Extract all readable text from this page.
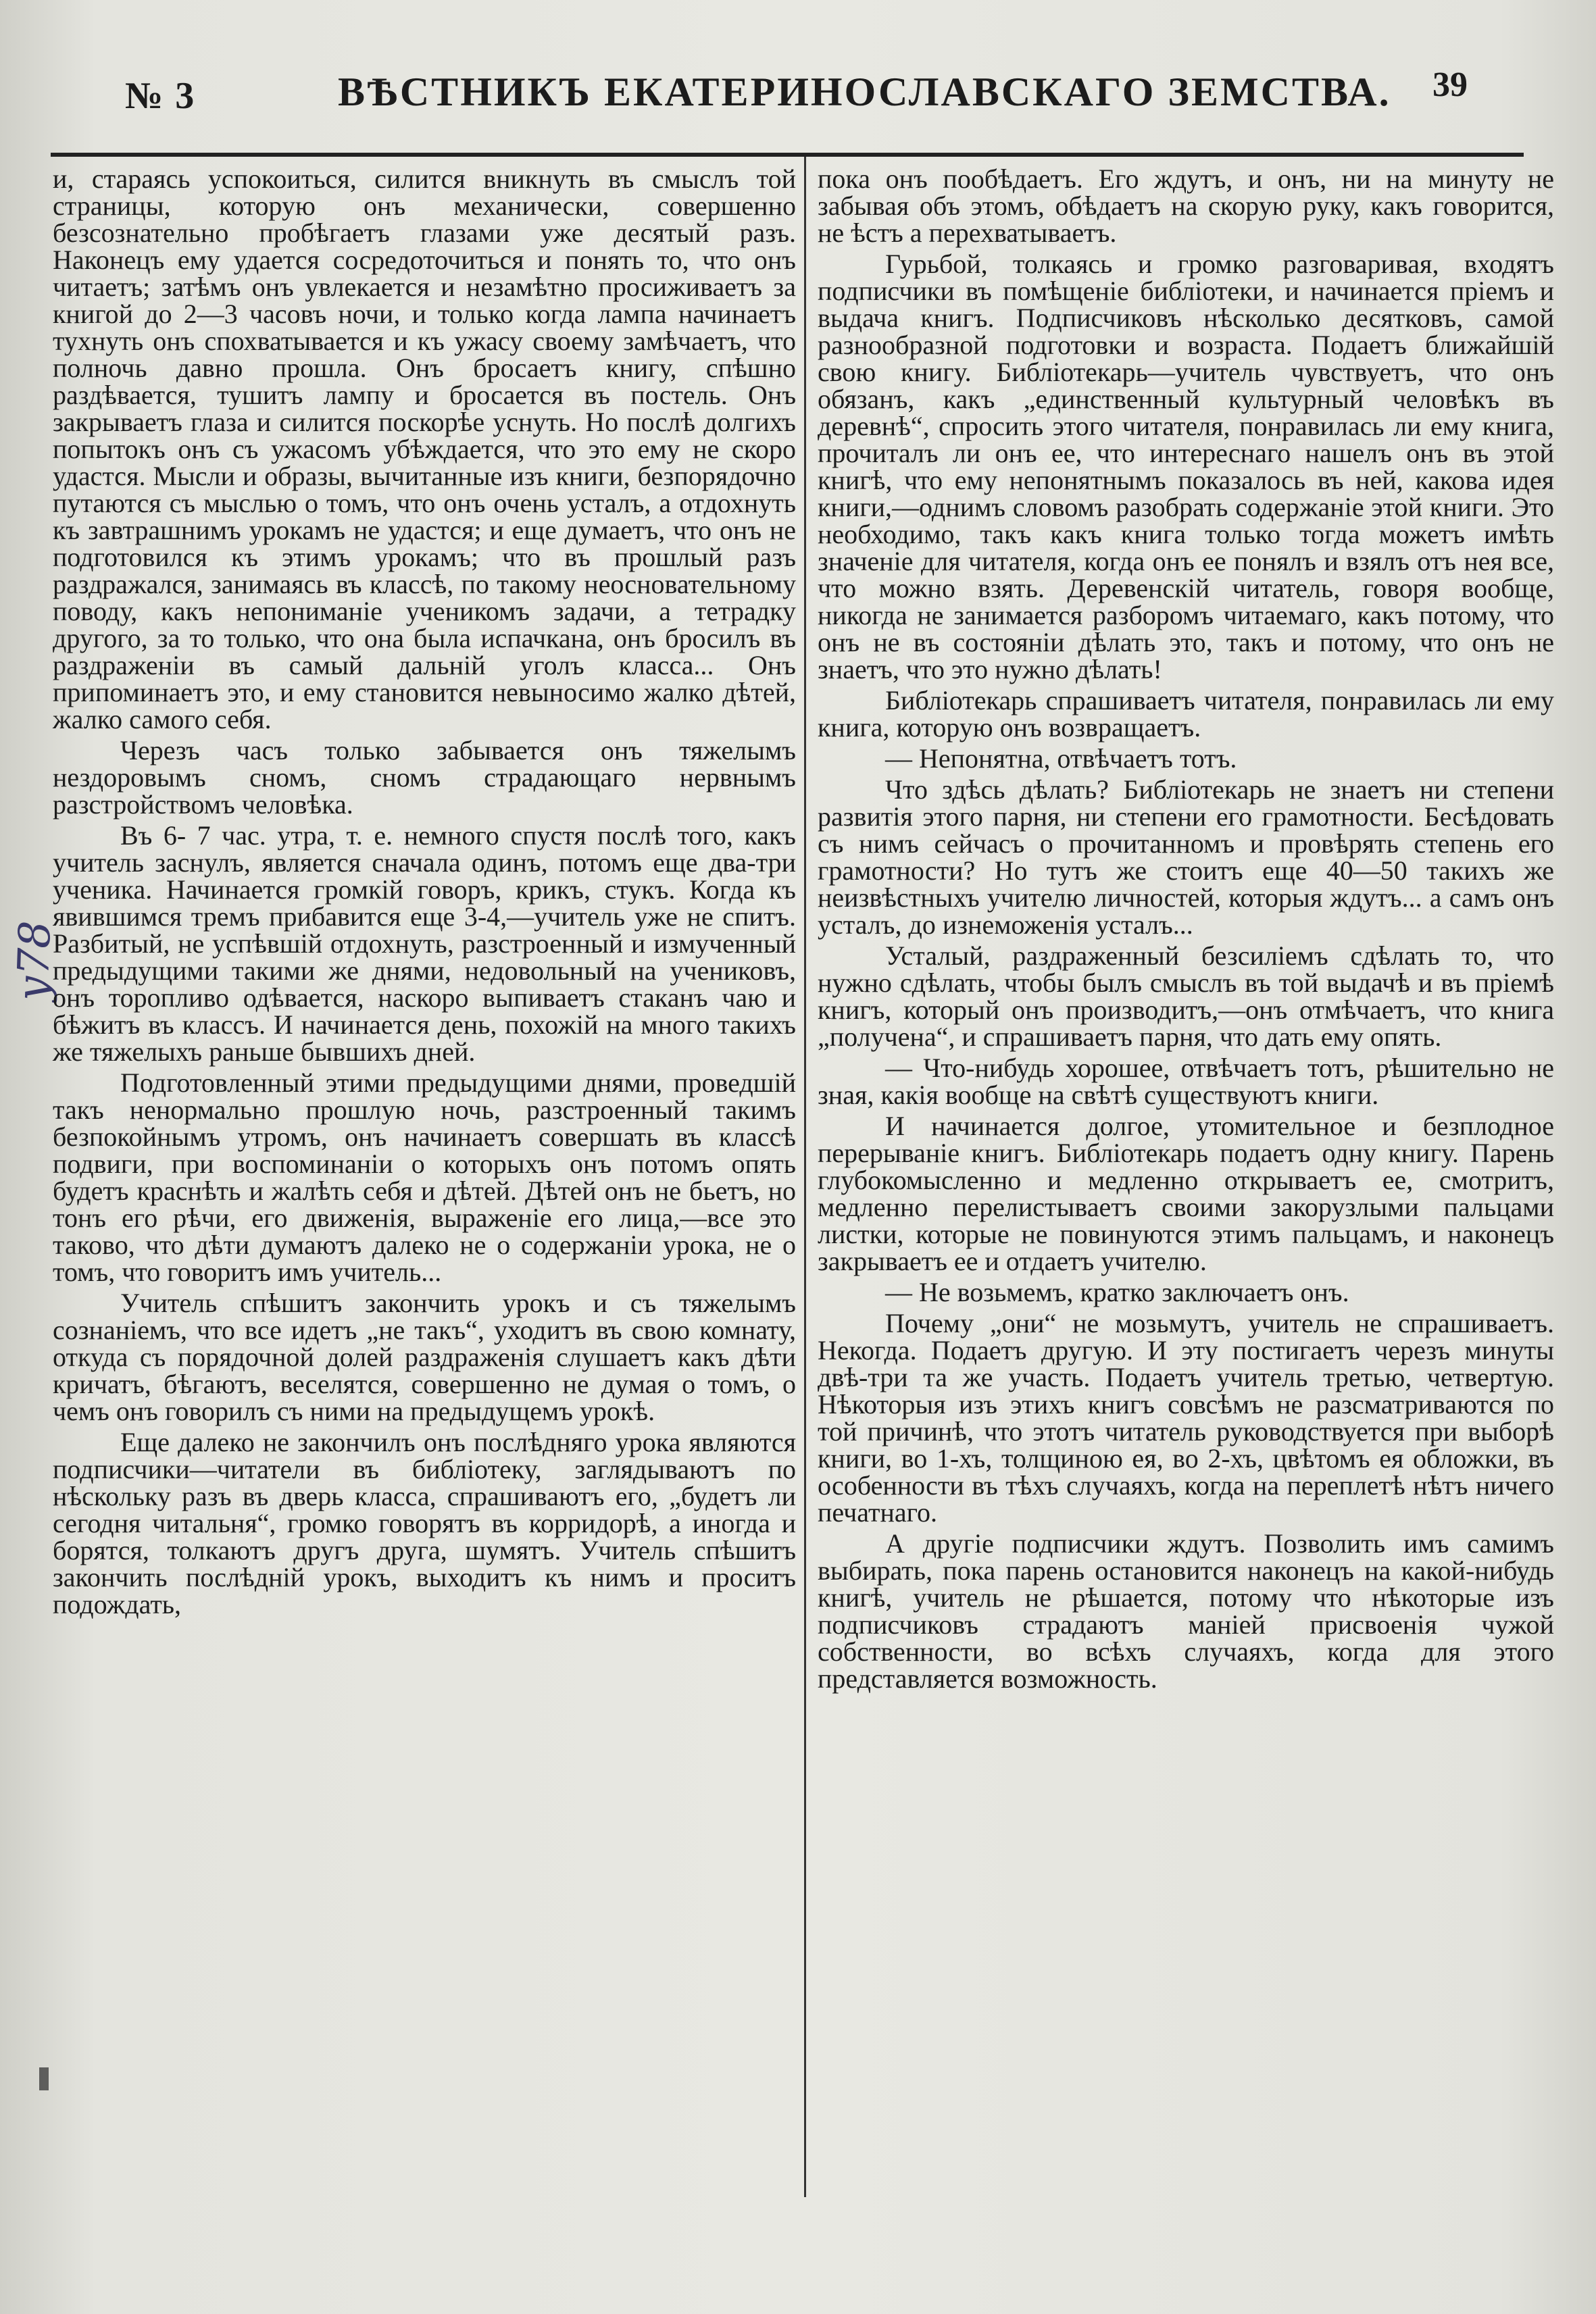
№ 3	ВѢСТНИКЪ ЕКАТЕРИНОСЛАВСКАГО ЗЕМСТВА. 39
у78

и, стараясь успокоиться, силится вникнуть въ смыслъ той страницы, которую онъ механически, совершенно безсознательно пробѣгаетъ глазами уже десятый разъ. Наконецъ ему удается сосредоточиться и понять то, что онъ читаетъ; затѣмъ онъ увлекается и незамѣтно просиживаетъ за книгой до 2—3 часовъ ночи, и только когда лампа начинаетъ тухнуть онъ спохватывается и къ ужасу своему замѣчаетъ, что полночь давно прошла. Онъ бросаетъ книгу, спѣшно раздѣвается, тушитъ лампу и бросается въ постель. Онъ закрываетъ глаза и силится поскорѣе уснуть. Но послѣ долгихъ попытокъ онъ съ ужасомъ убѣждается, что это ему не скоро удастся. Мысли и образы, вычитанные изъ книги, безпорядочно путаются съ мыслью о томъ, что онъ очень усталъ, а отдохнуть къ завтрашнимъ урокамъ не удастся; и еще думаетъ, что онъ не подготовился къ этимъ урокамъ; что въ прошлый разъ раздражался, занимаясь въ классѣ, по такому неосновательному поводу, какъ непониманіе ученикомъ задачи, а тетрадку другого, за то только, что она была испачкана, онъ бросилъ въ раздраженіи въ самый дальній уголъ класса... Онъ припоминаетъ это, и ему становится невыносимо жалко дѣтей, жалко самого себя.

Черезъ часъ только забывается онъ тяжелымъ нездоровымъ сномъ, сномъ страдающаго нервнымъ разстройствомъ человѣка.

Въ 6- 7 час. утра, т. е. немного спустя послѣ того, какъ учитель заснулъ, является сначала одинъ, потомъ еще два-три ученика. Начинается громкій говоръ, крикъ, стукъ. Когда къ явившимся тремъ прибавится еще 3-4,—учитель уже не спитъ. Разбитый, не успѣвшій отдохнуть, разстроенный и измученный предыдущими такими же днями, недовольный на учениковъ, онъ торопливо одѣвается, наскоро выпиваетъ стаканъ чаю и бѣжитъ въ классъ. И начинается день, похожій на много такихъ же тяжелыхъ раньше бывшихъ дней.

Подготовленный этими предыдущими днями, проведшій такъ ненормально прошлую ночь, разстроенный такимъ безпокойнымъ утромъ, онъ начинаетъ совершать въ классѣ подвиги, при воспоминаніи о которыхъ онъ потомъ опять будетъ краснѣть и жалѣть себя и дѣтей. Дѣтей онъ не бьетъ, но тонъ его рѣчи, его движенія, выраженіе его лица,—все это таково, что дѣти думаютъ далеко не о содержаніи урока, не о томъ, что говоритъ имъ учитель...

Учитель спѣшитъ закончить урокъ и съ тяжелымъ сознаніемъ, что все идетъ „не такъ“, уходитъ въ свою комнату, откуда съ порядочной долей раздраженія слушаетъ какъ дѣти кричатъ, бѣгаютъ, веселятся, совершенно не думая о томъ, о чемъ онъ говорилъ съ ними на предыдущемъ урокѣ.

Еще далеко не закончилъ онъ послѣдняго урока являются подписчики—читатели въ библіотеку, заглядываютъ по нѣскольку разъ въ дверь класса, спрашиваютъ его, „будетъ ли сегодня читальня“, громко говорятъ въ корридорѣ, а иногда и борятся, толкаютъ другъ друга, шумятъ. Учитель спѣшитъ закончить послѣдній урокъ, выходитъ къ нимъ и проситъ подождать,

пока онъ пообѣдаетъ. Его ждутъ, и онъ, ни на минуту не забывая объ этомъ, обѣдаетъ на скорую руку, какъ говорится, не ѣстъ а перехватываетъ.

Гурьбой, толкаясь и громко разговаривая, входятъ подписчики въ помѣщеніе библіотеки, и начинается пріемъ и выдача книгъ. Подписчиковъ нѣсколько десятковъ, самой разнообразной подготовки и возраста. Подаетъ ближайшій свою книгу. Библіотекарь—учитель чувствуетъ, что онъ обязанъ, какъ „единственный культурный человѣкъ въ деревнѣ“, спросить этого читателя, понравилась ли ему книга, прочиталъ ли онъ ее, что интереснаго нашелъ онъ въ этой книгѣ, что ему непонятнымъ показалось въ ней, какова идея книги,—однимъ словомъ разобрать содержаніе этой книги. Это необходимо, такъ какъ книга только тогда можетъ имѣть значеніе для читателя, когда онъ ее понялъ и взялъ отъ нея все, что можно взять. Деревенскій читатель, говоря вообще, никогда не занимается разборомъ читаемаго, какъ потому, что онъ не въ состояніи дѣлать это, такъ и потому, что онъ не знаетъ, что это нужно дѣлать!

Библіотекарь спрашиваетъ читателя, понравилась ли ему книга, которую онъ возвращаетъ.

— Непонятна, отвѣчаетъ тотъ.

Что здѣсь дѣлать? Библіотекарь не знаетъ ни степени развитія этого парня, ни степени его грамотности. Бесѣдовать съ нимъ сейчасъ о прочитанномъ и провѣрять степень его грамотности? Но тутъ же стоитъ еще 40—50 такихъ же неизвѣстныхъ учителю личностей, которыя ждутъ... а самъ онъ усталъ, до изнеможенія усталъ...

Усталый, раздраженный безсиліемъ сдѣлать то, что нужно сдѣлать, чтобы былъ смыслъ въ той выдачѣ и въ пріемѣ книгъ, который онъ производитъ,—онъ отмѣчаетъ, что книга „получена“, и спрашиваетъ парня, что дать ему опять.

— Что-нибудь хорошее, отвѣчаетъ тотъ, рѣшительно не зная, какія вообще на свѣтѣ существуютъ книги.

И начинается долгое, утомительное и безплодное перерываніе книгъ. Библіотекарь подаетъ одну книгу. Парень глубокомысленно и медленно открываетъ ее, смотритъ, медленно перелистываетъ своими закорузлыми пальцами листки, которые не повинуются этимъ пальцамъ, и наконецъ закрываетъ ее и отдаетъ учителю.

— Не возьмемъ, кратко заключаетъ онъ.

Почему „они“ не мозьмутъ, учитель не спрашиваетъ. Некогда. Подаетъ другую. И эту постигаетъ черезъ минуты двѣ-три та же участь. Подаетъ учитель третью, четвертую. Нѣкоторыя изъ этихъ книгъ совсѣмъ не разсматриваются по той причинѣ, что этотъ читатель руководствуется при выборѣ книги, во 1-хъ, толщиною ея, во 2-хъ, цвѣтомъ ея обложки, въ особенности въ тѣхъ случаяхъ, когда на переплетѣ нѣтъ ничего печатнаго.

А другіе подписчики ждутъ. Позволить имъ самимъ выбирать, пока парень остановится наконецъ на какой-нибудь книгѣ, учитель не рѣшается, потому что нѣкоторые изъ подписчиковъ страдаютъ маніей присвоенія чужой собственности, во всѣхъ случаяхъ, когда для этого представляется возможность.
